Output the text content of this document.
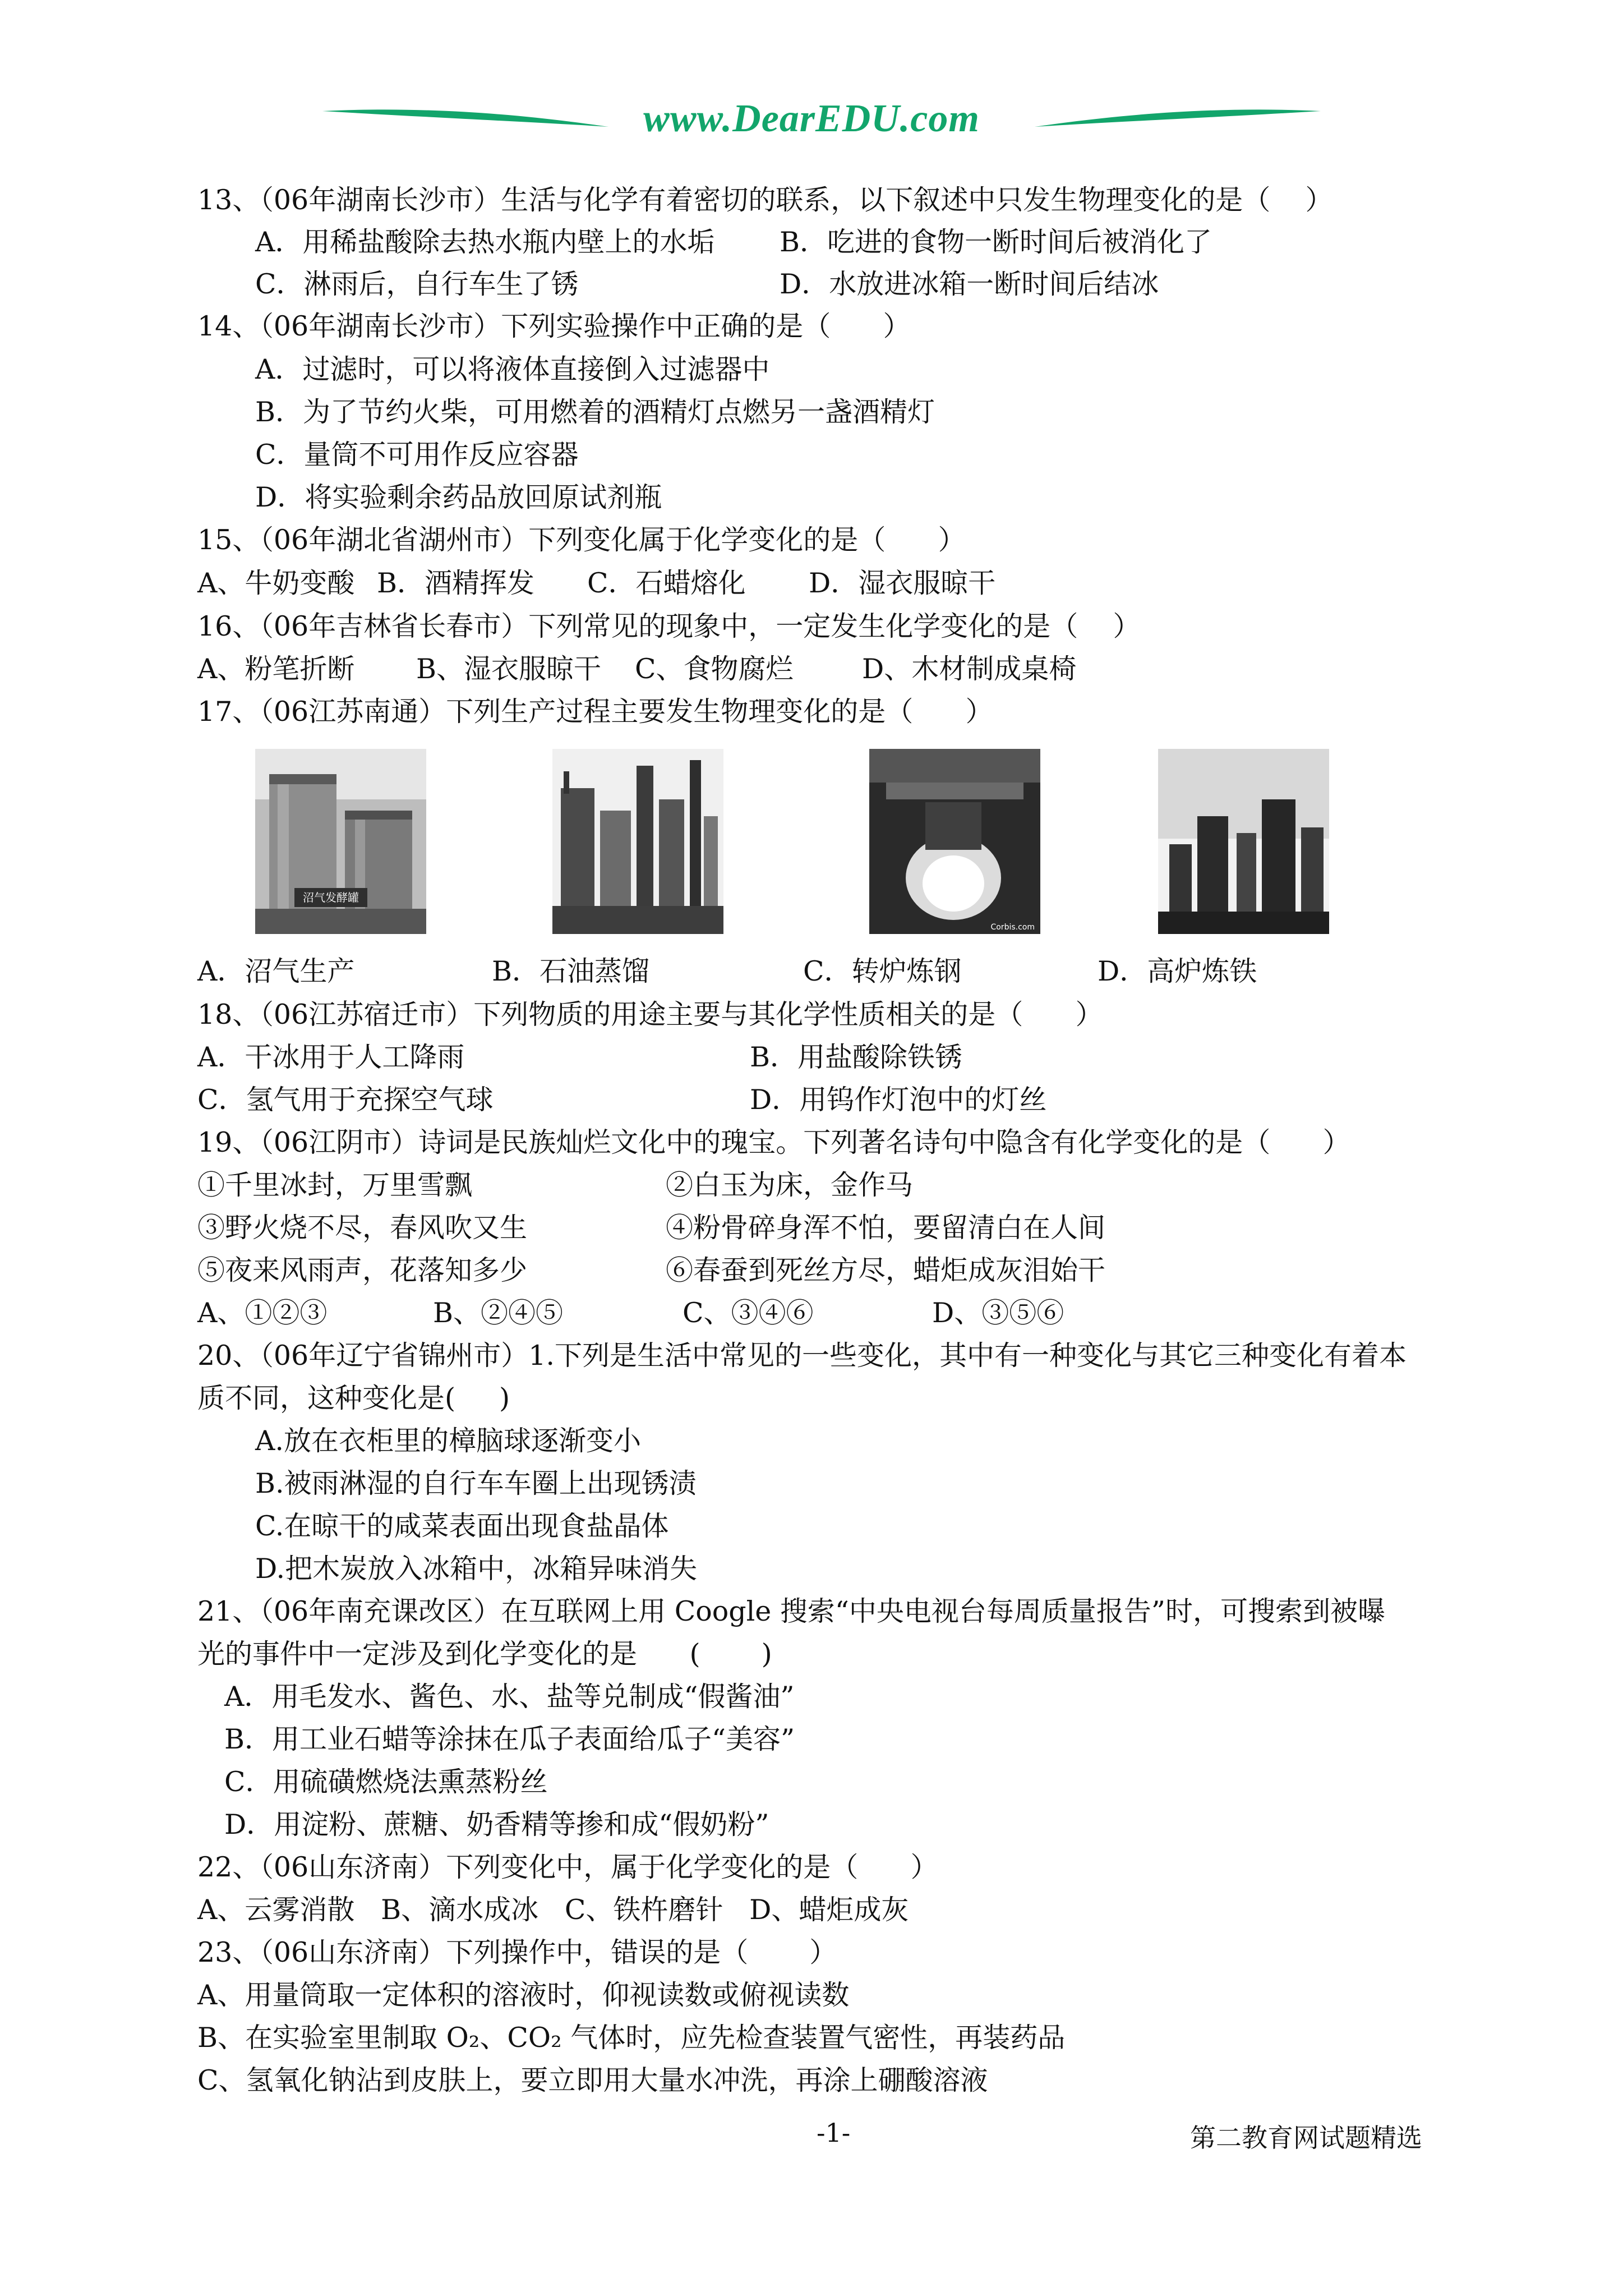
www.DearEDU.com
13、（06年湖南长沙市）生活与化学有着密切的联系，以下叙述中只发生物理变化的是（    ）
A．用稀盐酸除去热水瓶内壁上的水垢 B．吃进的食物一断时间后被消化了
C．淋雨后，自行车生了锈	D．水放进冰箱一断时间后结冰
14、（06年湖南长沙市）下列实验操作中正确的是（      ）
A．过滤时，可以将液体直接倒入过滤器中
B．为了节约火柴，可用燃着的酒精灯点燃另一盏酒精灯
C．量筒不可用作反应容器
D．将实验剩余药品放回原试剂瓶
15、（06年湖北省湖州市）下列变化属于化学变化的是（      ）
A、牛奶变酸 B．酒精挥发 C．石蜡熔化 D．湿衣服晾干
16、（06年吉林省长春市）下列常见的现象中，一定发生化学变化的是（    ）
A、粉笔折断 B、湿衣服晾干 C、食物腐烂	D、木材制成桌椅
17、（06江苏南通）下列生产过程主要发生物理变化的是（      ）
沼气发酵罐
Corbis.com
A．沼气生产	B．石油蒸馏	C．转炉炼钢	D．高炉炼铁
18、（06江苏宿迁市）下列物质的用途主要与其化学性质相关的是（      ）
A．干冰用于人工降雨	B．用盐酸除铁锈
C．氢气用于充探空气球	D．用钨作灯泡中的灯丝
19、（06江阴市）诗词是民族灿烂文化中的瑰宝。下列著名诗句中隐含有化学变化的是（      ）
①千里冰封，万里雪飘	②白玉为床，金作马
③野火烧不尽，春风吹又生	④粉骨碎身浑不怕，要留清白在人间
⑤夜来风雨声，花落知多少	⑥春蚕到死丝方尽，蜡炬成灰泪始干
A、①②③	B、②④⑤	C、③④⑥	D、③⑤⑥
20、（06年辽宁省锦州市）1.下列是生活中常见的一些变化，其中有一种变化与其它三种变化有着本
质不同，这种变化是(     )
A.放在衣柜里的樟脑球逐渐变小
B.被雨淋湿的自行车车圈上出现锈渍
C.在晾干的咸菜表面出现食盐晶体
D.把木炭放入冰箱中，冰箱异味消失
21、（06年南充课改区）在互联网上用 Coogle 搜索“中央电视台每周质量报告”时，可搜索到被曝
光的事件中一定涉及到化学变化的是      (       )
A．用毛发水、酱色、水、盐等兑制成“假酱油”
B．用工业石蜡等涂抹在瓜子表面给瓜子“美容”
C．用硫磺燃烧法熏蒸粉丝
D．用淀粉、蔗糖、奶香精等掺和成“假奶粉”
22、（06山东济南）下列变化中，属于化学变化的是（      ）
A、云雾消散   B、滴水成冰   C、铁杵磨针   D、蜡炬成灰
23、（06山东济南）下列操作中，错误的是（       ）
A、用量筒取一定体积的溶液时，仰视读数或俯视读数
B、在实验室里制取 O₂、CO₂ 气体时，应先检查装置气密性，再装药品
C、氢氧化钠沾到皮肤上，要立即用大量水冲洗，再涂上硼酸溶液
-1-	第二教育网试题精选
